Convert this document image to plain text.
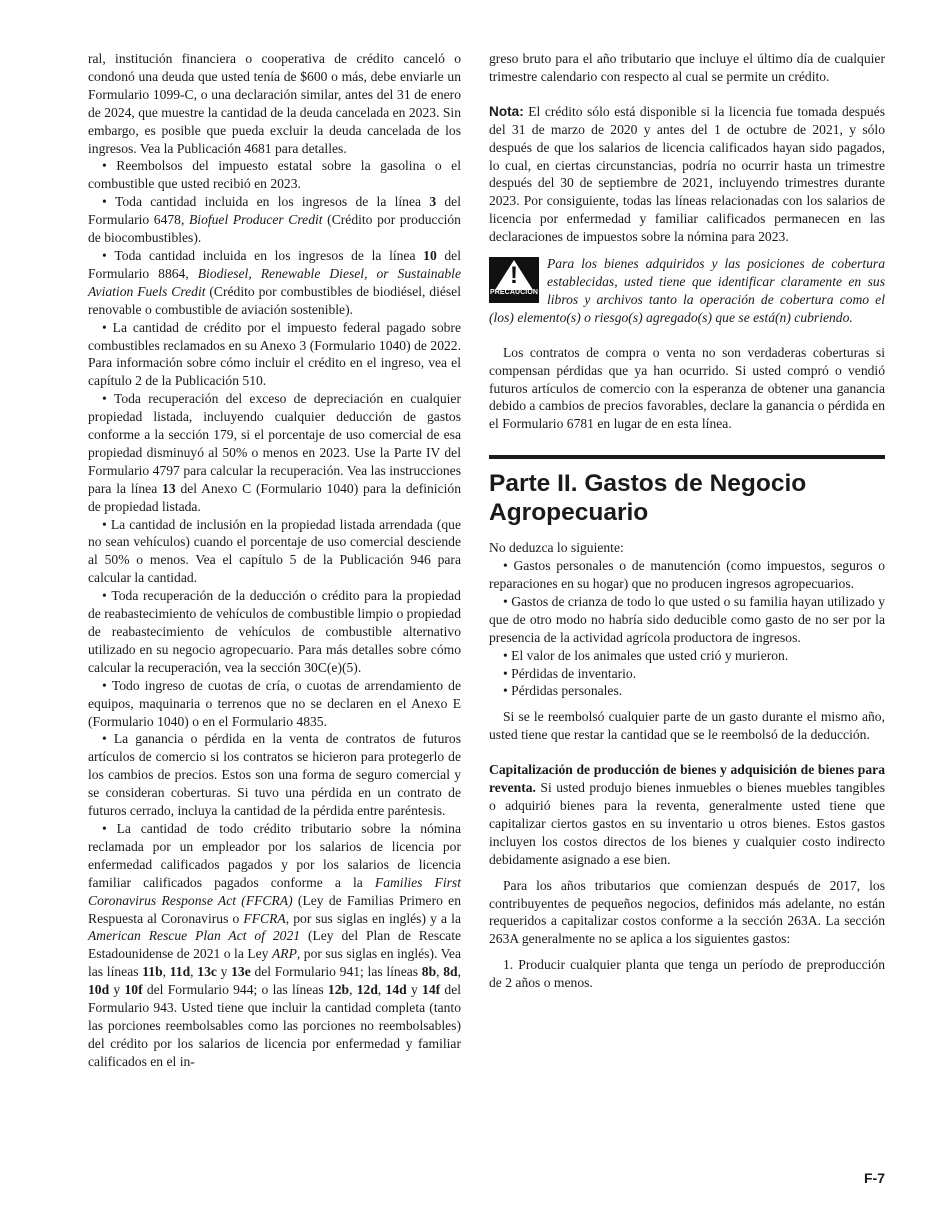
ral, institución financiera o cooperativa de crédito canceló o condonó una deuda que usted tenía de $600 o más, debe enviarle un Formulario 1099-C, o una declaración similar, antes del 31 de enero de 2024, que muestre la cantidad de la deuda cancelada en 2023. Sin embargo, es posible que pueda excluir la deuda cancelada de los ingresos. Vea la Publicación 4681 para detalles.

• Reembolsos del impuesto estatal sobre la gasolina o el combustible que usted recibió en 2023.

• Toda cantidad incluida en los ingresos de la línea 3 del Formulario 6478, Biofuel Producer Credit (Crédito por producción de biocombustibles).

• Toda cantidad incluida en los ingresos de la línea 10 del Formulario 8864, Biodiesel, Renewable Diesel, or Sustainable Aviation Fuels Credit (Crédito por combustibles de biodiésel, diésel renovable o combustible de aviación sostenible).

• La cantidad de crédito por el impuesto federal pagado sobre combustibles reclamados en su Anexo 3 (Formulario 1040) de 2022. Para información sobre cómo incluir el crédito en el ingreso, vea el capítulo 2 de la Publicación 510.

• Toda recuperación del exceso de depreciación en cualquier propiedad listada, incluyendo cualquier deducción de gastos conforme a la sección 179, si el porcentaje de uso comercial de esa propiedad disminuyó al 50% o menos en 2023. Use la Parte IV del Formulario 4797 para calcular la recuperación. Vea las instrucciones para la línea 13 del Anexo C (Formulario 1040) para la definición de propiedad listada.

• La cantidad de inclusión en la propiedad listada arrendada (que no sean vehículos) cuando el porcentaje de uso comercial desciende al 50% o menos. Vea el capítulo 5 de la Publicación 946 para calcular la cantidad.

• Toda recuperación de la deducción o crédito para la propiedad de reabastecimiento de vehículos de combustible limpio o propiedad de reabastecimiento de vehículos de combustible alternativo utilizado en su negocio agropecuario. Para más detalles sobre cómo calcular la recuperación, vea la sección 30C(e)(5).

• Todo ingreso de cuotas de cría, o cuotas de arrendamiento de equipos, maquinaria o terrenos que no se declaren en el Anexo E (Formulario 1040) o en el Formulario 4835.

• La ganancia o pérdida en la venta de contratos de futuros artículos de comercio si los contratos se hicieron para protegerlo de los cambios de precios. Estos son una forma de seguro comercial y se consideran coberturas. Si tuvo una pérdida en un contrato de futuros cerrado, incluya la cantidad de la pérdida entre paréntesis.

• La cantidad de todo crédito tributario sobre la nómina reclamada por un empleador por los salarios de licencia por enfermedad calificados pagados y por los salarios de licencia familiar calificados pagados conforme a la Families First Coronavirus Response Act (FFCRA) (Ley de Familias Primero en Respuesta al Coronavirus o FFCRA, por sus siglas en inglés) y a la American Rescue Plan Act of 2021 (Ley del Plan de Rescate Estadounidense de 2021 o la Ley ARP, por sus siglas en inglés). Vea las líneas 11b, 11d, 13c y 13e del Formulario 941; las líneas 8b, 8d, 10d y 10f del Formulario 944; o las líneas 12b, 12d, 14d y 14f del Formulario 943. Usted tiene que incluir la cantidad completa (tanto las porciones reembolsables como las porciones no reembolsables) del crédito por los salarios de licencia por enfermedad y familiar calificados en el in-

greso bruto para el año tributario que incluye el último día de cualquier trimestre calendario con respecto al cual se permite un crédito.

Nota: El crédito sólo está disponible si la licencia fue tomada después del 31 de marzo de 2020 y antes del 1 de octubre de 2021, y sólo después de que los salarios de licencia calificados hayan sido pagados, lo cual, en ciertas circunstancias, podría no ocurrir hasta un trimestre después del 30 de septiembre de 2021, incluyendo trimestres durante 2023. Por consiguiente, todas las líneas relacionadas con los salarios de licencia por enfermedad y familiar calificados permanecen en las declaraciones de impuestos sobre la nómina para 2023.

!
PRECAUCION

Para los bienes adquiridos y las posiciones de cobertura establecidas, usted tiene que identificar claramente en sus libros y archivos tanto la operación de cobertura como el (los) elemento(s) o riesgo(s) agregado(s) que se está(n) cubriendo.

Los contratos de compra o venta no son verdaderas coberturas si compensan pérdidas que ya han ocurrido. Si usted compró o vendió futuros artículos de comercio con la esperanza de obtener una ganancia debido a cambios de precios favorables, declare la ganancia o pérdida en el Formulario 6781 en lugar de en esta línea.

Parte II. Gastos de Negocio Agropecuario

No deduzca lo siguiente:

• Gastos personales o de manutención (como impuestos, seguros o reparaciones en su hogar) que no producen ingresos agropecuarios.

• Gastos de crianza de todo lo que usted o su familia hayan utilizado y que de otro modo no habría sido deducible como gasto de no ser por la presencia de la actividad agrícola productora de ingresos.

• El valor de los animales que usted crió y murieron.

• Pérdidas de inventario.

• Pérdidas personales.

Si se le reembolsó cualquier parte de un gasto durante el mismo año, usted tiene que restar la cantidad que se le reembolsó de la deducción.

Capitalización de producción de bienes y adquisición de bienes para reventa. Si usted produjo bienes inmuebles o bienes muebles tangibles o adquirió bienes para la reventa, generalmente usted tiene que capitalizar ciertos gastos en su inventario u otros bienes. Estos gastos incluyen los costos directos de los bienes y cualquier costo indirecto debidamente asignado a ese bien.

Para los años tributarios que comienzan después de 2017, los contribuyentes de pequeños negocios, definidos más adelante, no están requeridos a capitalizar costos conforme a la sección 263A. La sección 263A generalmente no se aplica a los siguientes gastos:

1. Producir cualquier planta que tenga un período de preproducción de 2 años o menos.

F-7
